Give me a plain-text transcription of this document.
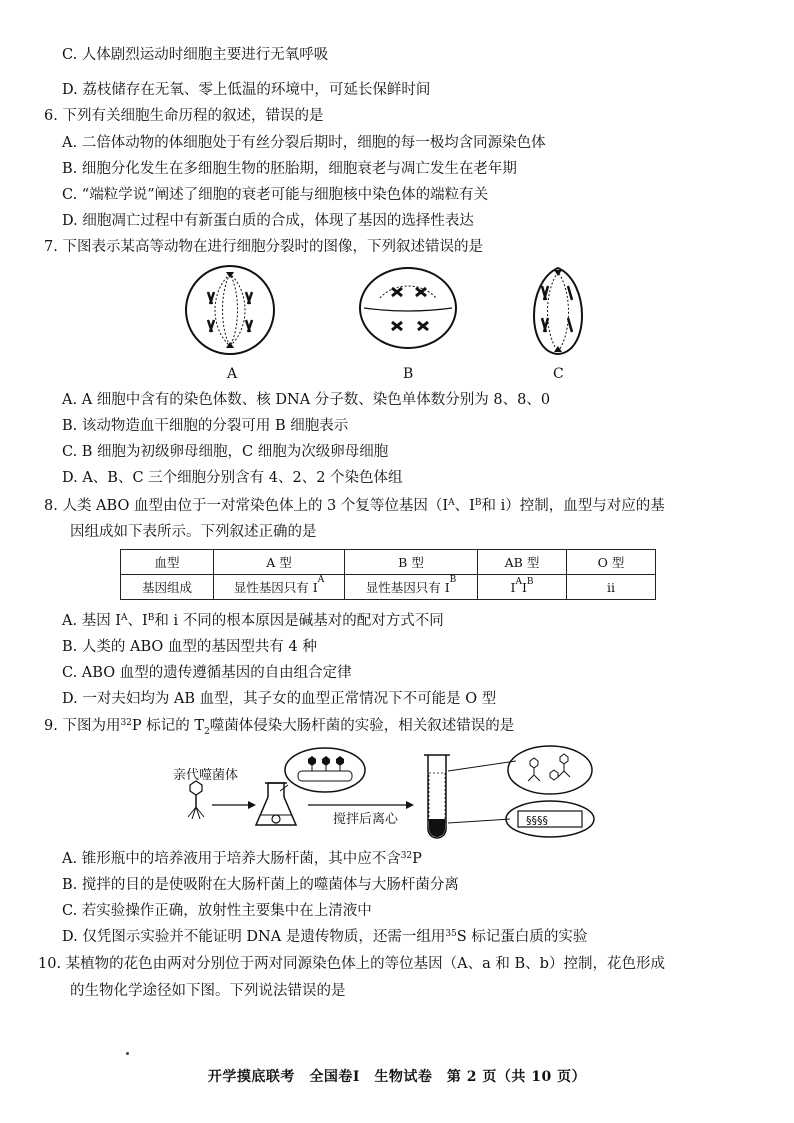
C. 人体剧烈运动时细胞主要进行无氧呼吸
D. 荔枝储存在无氧、零上低温的环境中，可延长保鲜时间
6. 下列有关细胞生命历程的叙述，错误的是
A. 二倍体动物的体细胞处于有丝分裂后期时，细胞的每一极均含同源染色体
B. 细胞分化发生在多细胞生物的胚胎期，细胞衰老与凋亡发生在老年期
C. “端粒学说”阐述了细胞的衰老可能与细胞核中染色体的端粒有关
D. 细胞凋亡过程中有新蛋白质的合成，体现了基因的选择性表达
7. 下图表示某高等动物在进行细胞分裂时的图像，下列叙述错误的是
A	B	C
A. A 细胞中含有的染色体数、核 DNA 分子数、染色单体数分别为 8、8、0
B. 该动物造血干细胞的分裂可用 B 细胞表示
C. B 细胞为初级卵母细胞，C 细胞为次级卵母细胞
D. A、B、C 三个细胞分别含有 4、2、2 个染色体组
8. 人类 ABO 血型由位于一对常染色体上的 3 个复等位基因（$I^A$、$I^B$和 i）控制，血型与对应的基
因组成如下表所示。下列叙述正确的是
血型	A 型	B 型	AB 型	O 型
基因组成	显性基因只有 $I^A$	显性基因只有 $I^B$	$I^AI^B$	ii
A. 基因 $I^A$、$I^B$和 i 不同的根本原因是碱基对的配对方式不同
B. 人类的 ABO 血型的基因型共有 4 种
C. ABO 血型的遗传遵循基因的自由组合定律
D. 一对夫妇均为 AB 血型，其子女的血型正常情况下不可能是 O 型
9. 下图为用$^{32}$P 标记的 $T_2$噬菌体侵染大肠杆菌的实验，相关叙述错误的是
亲代噬菌体
搅拌后离心	§§§§
A. 锥形瓶中的培养液用于培养大肠杆菌，其中应不含$^{32}$P
B. 搅拌的目的是使吸附在大肠杆菌上的噬菌体与大肠杆菌分离
C. 若实验操作正确，放射性主要集中在上清液中
D. 仅凭图示实验并不能证明 DNA 是遗传物质，还需一组用$^{35}$S 标记蛋白质的实验
10. 某植物的花色由两对分别位于两对同源染色体上的等位基因（A、a 和 B、b）控制，花色形成
的生物化学途径如下图。下列说法错误的是
开学摸底联考　全国卷Ⅰ　生物试卷　第 2 页（共 10 页）
